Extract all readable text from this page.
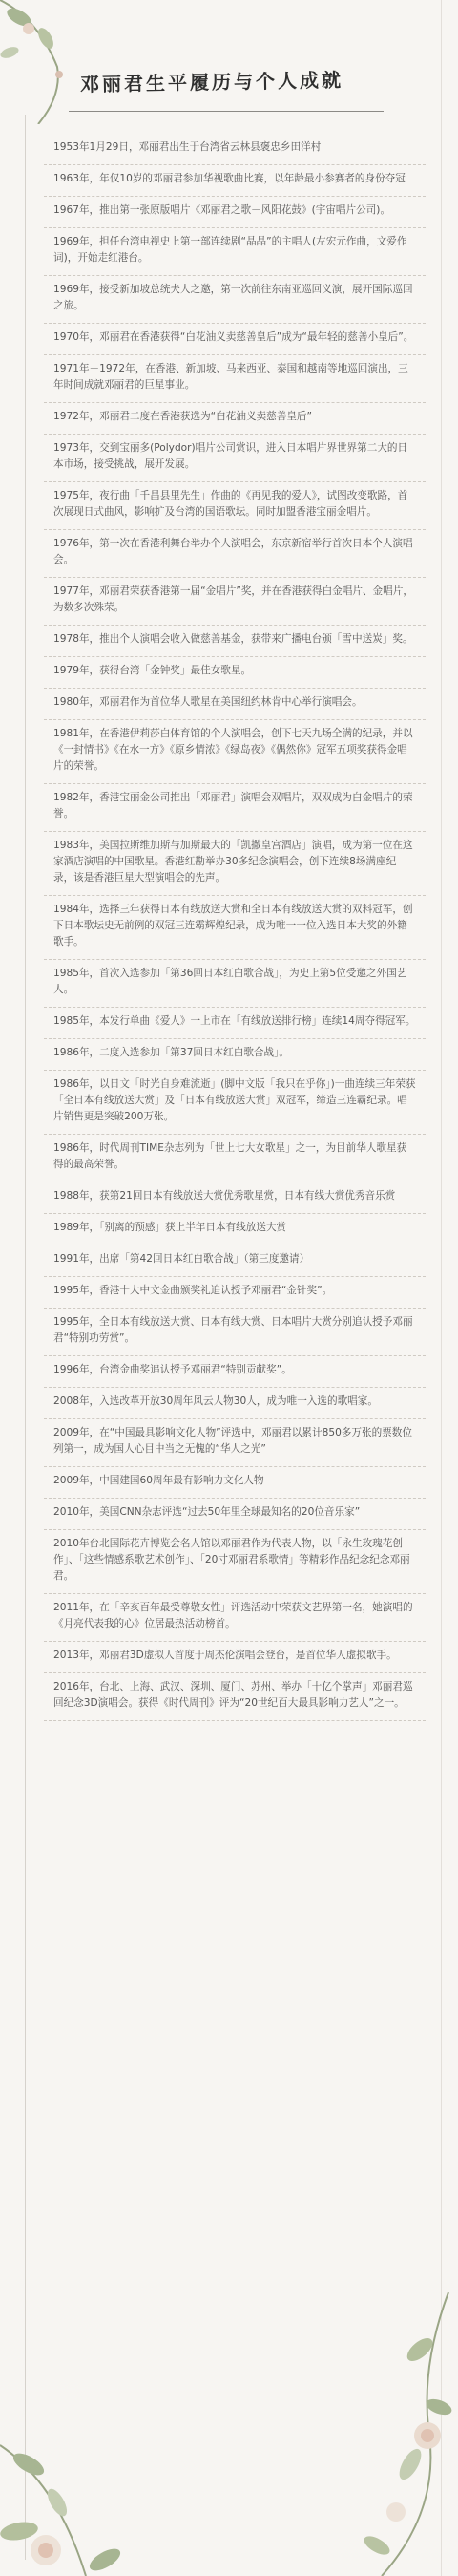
邓丽君生平履历与个人成就
1953年1月29日，邓丽君出生于台湾省云林县褒忠乡田洋村
1963年，年仅10岁的邓丽君参加华视歌曲比赛，以年龄最小参赛者的身份夺冠
1967年，推出第一张原版唱片《邓丽君之歌－风阳花鼓》(宇宙唱片公司)。
1969年，担任台湾电视史上第一部连续剧“晶晶”的主唱人(左宏元作曲，文爱作词)，开始走红港台。
1969年，接受新加坡总统夫人之邀，第一次前往东南亚巡回义演，展开国际巡回之旅。
1970年，邓丽君在香港获得“白花油义卖慈善皇后”成为“最年轻的慈善小皇后”。
1971年－1972年，在香港、新加坡、马来西亚、泰国和越南等地巡回演出，三年时间成就邓丽君的巨星事业。
1972年，邓丽君二度在香港获选为“白花油义卖慈善皇后”
1973年，交到宝丽多(Polydor)唱片公司赏识，进入日本唱片界世界第二大的日本市场，接受挑战，展开发展。
1975年，夜行曲「千昌县里先生」作曲的《再见我的爱人》，试图改变歌路，首次展现日式曲风，影响扩及台湾的国语歌坛。同时加盟香港宝丽金唱片。
1976年，第一次在香港利舞台举办个人演唱会，东京新宿举行首次日本个人演唱会。
1977年，邓丽君荣获香港第一届“金唱片”奖，并在香港获得白金唱片、金唱片，为数多次殊荣。
1978年，推出个人演唱会收入做慈善基金，获带来广播电台颁「雪中送炭」奖。
1979年，获得台湾「金钟奖」最佳女歌星。
1980年，邓丽君作为首位华人歌星在美国纽约林肯中心举行演唱会。
1981年，在香港伊莉莎白体育馆的个人演唱会，创下七天九场全满的纪录，并以《一封情书》《在水一方》《原乡情浓》《绿岛夜》《偶然你》冠军五项奖获得金唱片的荣誉。
1982年，香港宝丽金公司推出「邓丽君」演唱会双唱片，双双成为白金唱片的荣誉。
1983年，美国拉斯维加斯与加斯最大的「凯撒皇宫酒店」演唱，成为第一位在这家酒店演唱的中国歌星。香港红勘举办30多纪念演唱会，创下连续8场满座纪录，该是香港巨星大型演唱会的先声。
1984年，选择三年获得日本有线放送大赏和全日本有线放送大赏的双料冠军，创下日本歌坛史无前例的双冠三连霸辉煌纪录，成为唯一一位入选日本大奖的外籍歌手。
1985年，首次入选参加「第36回日本红白歌合战」，为史上第5位受邀之外国艺人。
1985年，本发行单曲《爱人》一上市在「有线放送排行榜」连续14周夺得冠军。
1986年，二度入选参加「第37回日本红白歌合战」。
1986年，以日文「时光自身难流逝」(脚中文版「我只在乎你」)一曲连续三年荣获「全日本有线放送大赏」及「日本有线放送大赏」双冠军，缔造三连霸纪录。唱片销售更是突破200万张。
1986年，时代周刊TIME杂志列为「世上七大女歌星」之一，为目前华人歌星获得的最高荣誉。
1988年，获第21回日本有线放送大赏优秀歌星赏，日本有线大赏优秀音乐赏
1989年，「别离的预感」获上半年日本有线放送大赏
1991年，出席「第42回日本红白歌合战」（第三度邀请）
1995年，香港十大中文金曲颁奖礼追认授予邓丽君“金针奖”。
1995年，全日本有线放送大赏、日本有线大赏、日本唱片大赏分别追认授予邓丽君“特别功劳赏”。
1996年，台湾金曲奖追认授予邓丽君“特别贡献奖”。
2008年，入选改革开放30周年风云人物30人，成为唯一入选的歌唱家。
2009年，在“中国最具影响文化人物”评选中，邓丽君以累计850多万张的票数位列第一，成为国人心目中当之无愧的“华人之光”
2009年，中国建国60周年最有影响力文化人物
2010年，美国CNN杂志评选“过去50年里全球最知名的20位音乐家”
2010年台北国际花卉博览会名人馆以邓丽君作为代表人物，以「永生玫瑰花创作」、「这些情感系歌艺术创作」、「20寸邓丽君系歌情」等精彩作品纪念纪念邓丽君。
2011年，在「辛亥百年最受尊敬女性」评选活动中荣获文艺界第一名，她演唱的《月亮代表我的心》位居最热活动榜首。
2013年，邓丽君3D虚拟人首度于周杰伦演唱会登台，是首位华人虚拟歌手。
2016年，台北、上海、武汉、深圳、厦门、苏州、举办「十亿个掌声」邓丽君巡回纪念3D演唱会。获得《时代周刊》评为“20世纪百大最具影响力艺人”之一。
